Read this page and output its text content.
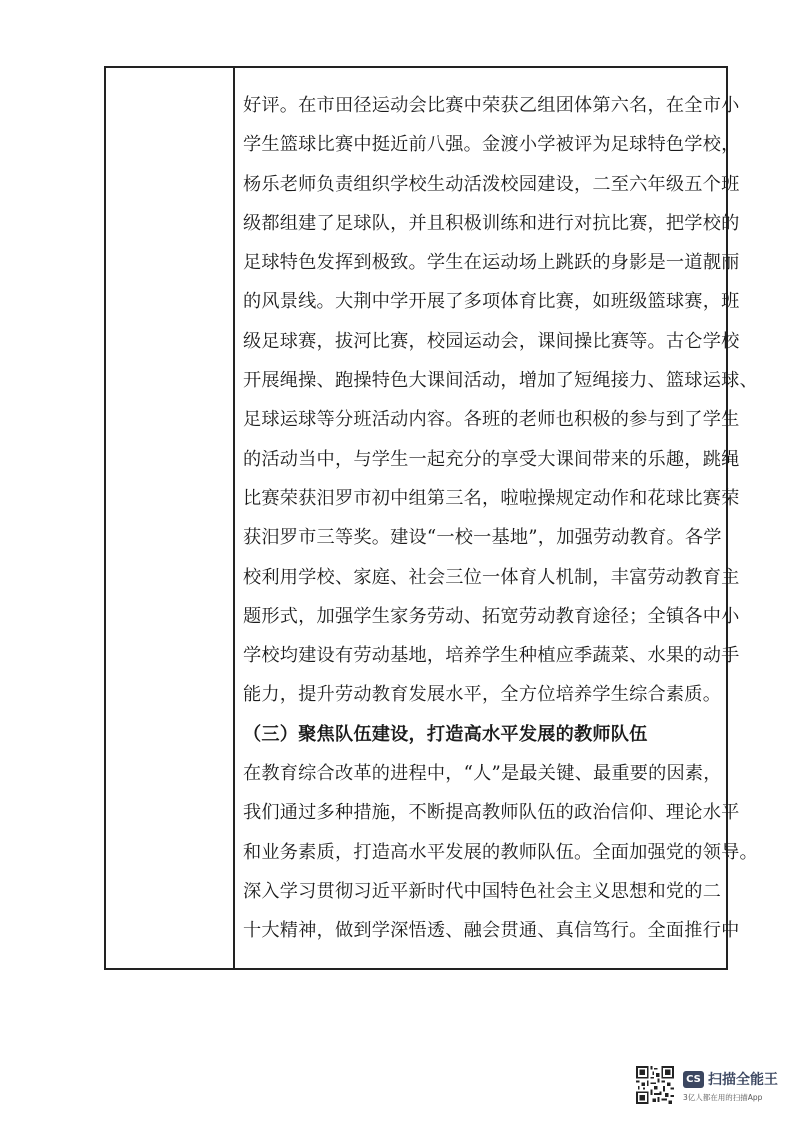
好评。在市田径运动会比赛中荣获乙组团体第六名，在全市小
学生篮球比赛中挺近前八强。金渡小学被评为足球特色学校，
杨乐老师负责组织学校生动活泼校园建设，二至六年级五个班
级都组建了足球队，并且积极训练和进行对抗比赛，把学校的
足球特色发挥到极致。学生在运动场上跳跃的身影是一道靓丽
的风景线。大荆中学开展了多项体育比赛，如班级篮球赛，班
级足球赛，拔河比赛，校园运动会，课间操比赛等。古仑学校
开展绳操、跑操特色大课间活动，增加了短绳接力、篮球运球、
足球运球等分班活动内容。各班的老师也积极的参与到了学生
的活动当中，与学生一起充分的享受大课间带来的乐趣，跳绳
比赛荣获汨罗市初中组第三名，啦啦操规定动作和花球比赛荣
获汨罗市三等奖。建设“一校一基地”，加强劳动教育。各学
校利用学校、家庭、社会三位一体育人机制，丰富劳动教育主
题形式，加强学生家务劳动、拓宽劳动教育途径；全镇各中小
学校均建设有劳动基地，培养学生种植应季蔬菜、水果的动手
能力，提升劳动教育发展水平，全方位培养学生综合素质。
（三）聚焦队伍建设，打造高水平发展的教师队伍
在教育综合改革的进程中，“人”是最关键、最重要的因素，
我们通过多种措施，不断提高教师队伍的政治信仰、理论水平
和业务素质，打造高水平发展的教师队伍。全面加强党的领导。
深入学习贯彻习近平新时代中国特色社会主义思想和党的二
十大精神，做到学深悟透、融会贯通、真信笃行。全面推行中
CS 扫描全能王
3亿人都在用的扫描App
